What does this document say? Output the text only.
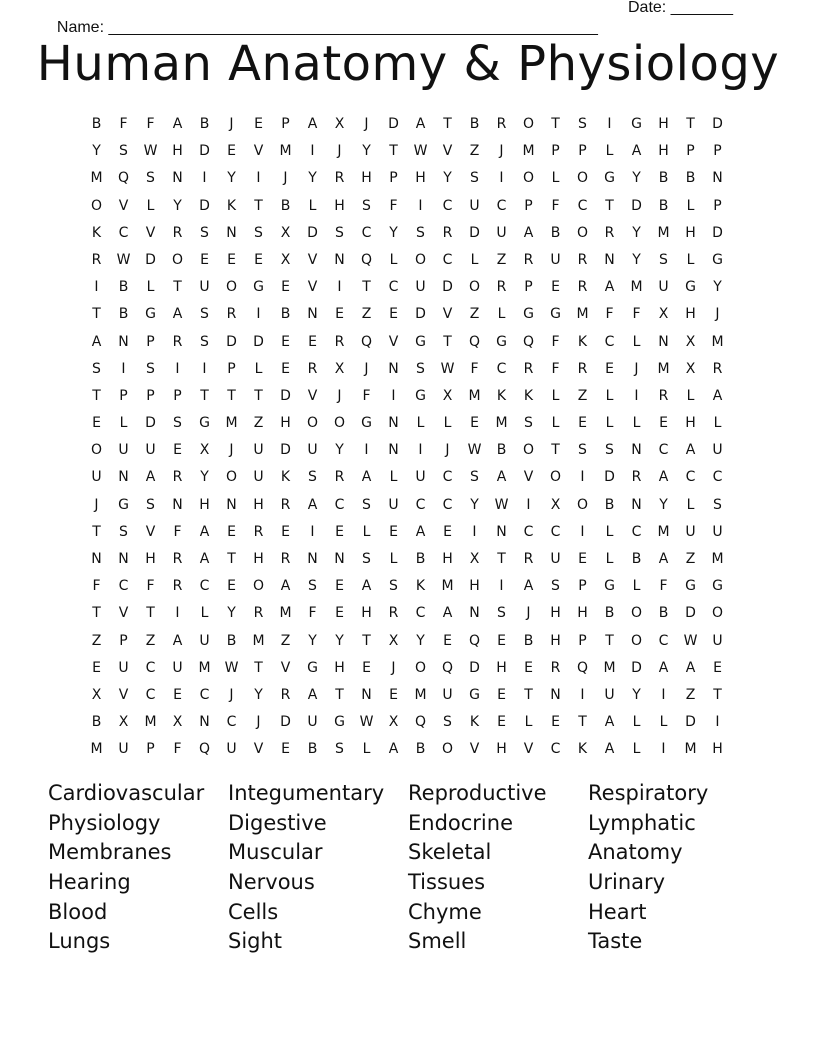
Name: _______________________________________________________

Date: _______

Human Anatomy & Physiology
B	F	F	A	B	J	E	P	A	X	J	D	A	T	B	R	O	T	S	I	G	H	T	D
Y	S	W	H	D	E	V	M	I	J	Y	T	W	V	Z	J	M	P	P	L	A	H	P	P
M	Q	S	N	I	Y	I	J	Y	R	H	P	H	Y	S	I	O	L	O	G	Y	B	B	N
O	V	L	Y	D	K	T	B	L	H	S	F	I	C	U	C	P	F	C	T	D	B	L	P
K	C	V	R	S	N	S	X	D	S	C	Y	S	R	D	U	A	B	O	R	Y	M	H	D
R	W	D	O	E	E	E	X	V	N	Q	L	O	C	L	Z	R	U	R	N	Y	S	L	G
I	B	L	T	U	O	G	E	V	I	T	C	U	D	O	R	P	E	R	A	M	U	G	Y
T	B	G	A	S	R	I	B	N	E	Z	E	D	V	Z	L	G	G	M	F	F	X	H	J
A	N	P	R	S	D	D	E	E	R	Q	V	G	T	Q	G	Q	F	K	C	L	N	X	M
S	I	S	I	I	P	L	E	R	X	J	N	S	W	F	C	R	F	R	E	J	M	X	R
T	P	P	P	T	T	T	D	V	J	F	I	G	X	M	K	K	L	Z	L	I	R	L	A
E	L	D	S	G	M	Z	H	O	O	G	N	L	L	E	M	S	L	E	L	L	E	H	L
O	U	U	E	X	J	U	D	U	Y	I	N	I	J	W	B	O	T	S	S	N	C	A	U
U	N	A	R	Y	O	U	K	S	R	A	L	U	C	S	A	V	O	I	D	R	A	C	C
J	G	S	N	H	N	H	R	A	C	S	U	C	C	Y	W	I	X	O	B	N	Y	L	S
T	S	V	F	A	E	R	E	I	E	L	E	A	E	I	N	C	C	I	L	C	M	U	U
N	N	H	R	A	T	H	R	N	N	S	L	B	H	X	T	R	U	E	L	B	A	Z	M
F	C	F	R	C	E	O	A	S	E	A	S	K	M	H	I	A	S	P	G	L	F	G	G
T	V	T	I	L	Y	R	M	F	E	H	R	C	A	N	S	J	H	H	B	O	B	D	O
Z	P	Z	A	U	B	M	Z	Y	Y	T	X	Y	E	Q	E	B	H	P	T	O	C	W	U
E	U	C	U	M	W	T	V	G	H	E	J	O	Q	D	H	E	R	Q	M	D	A	A	E
X	V	C	E	C	J	Y	R	A	T	N	E	M	U	G	E	T	N	I	U	Y	I	Z	T
B	X	M	X	N	C	J	D	U	G	W	X	Q	S	K	E	L	E	T	A	L	L	D	I
M	U	P	F	Q	U	V	E	B	S	L	A	B	O	V	H	V	C	K	A	L	I	M	H
Cardiovascular	Integumentary	Reproductive	Respiratory
Physiology	Digestive	Endocrine	Lymphatic
Membranes	Muscular	Skeletal	Anatomy
Hearing	Nervous	Tissues	Urinary
Blood	Cells	Chyme	Heart
Lungs	Sight	Smell	Taste
